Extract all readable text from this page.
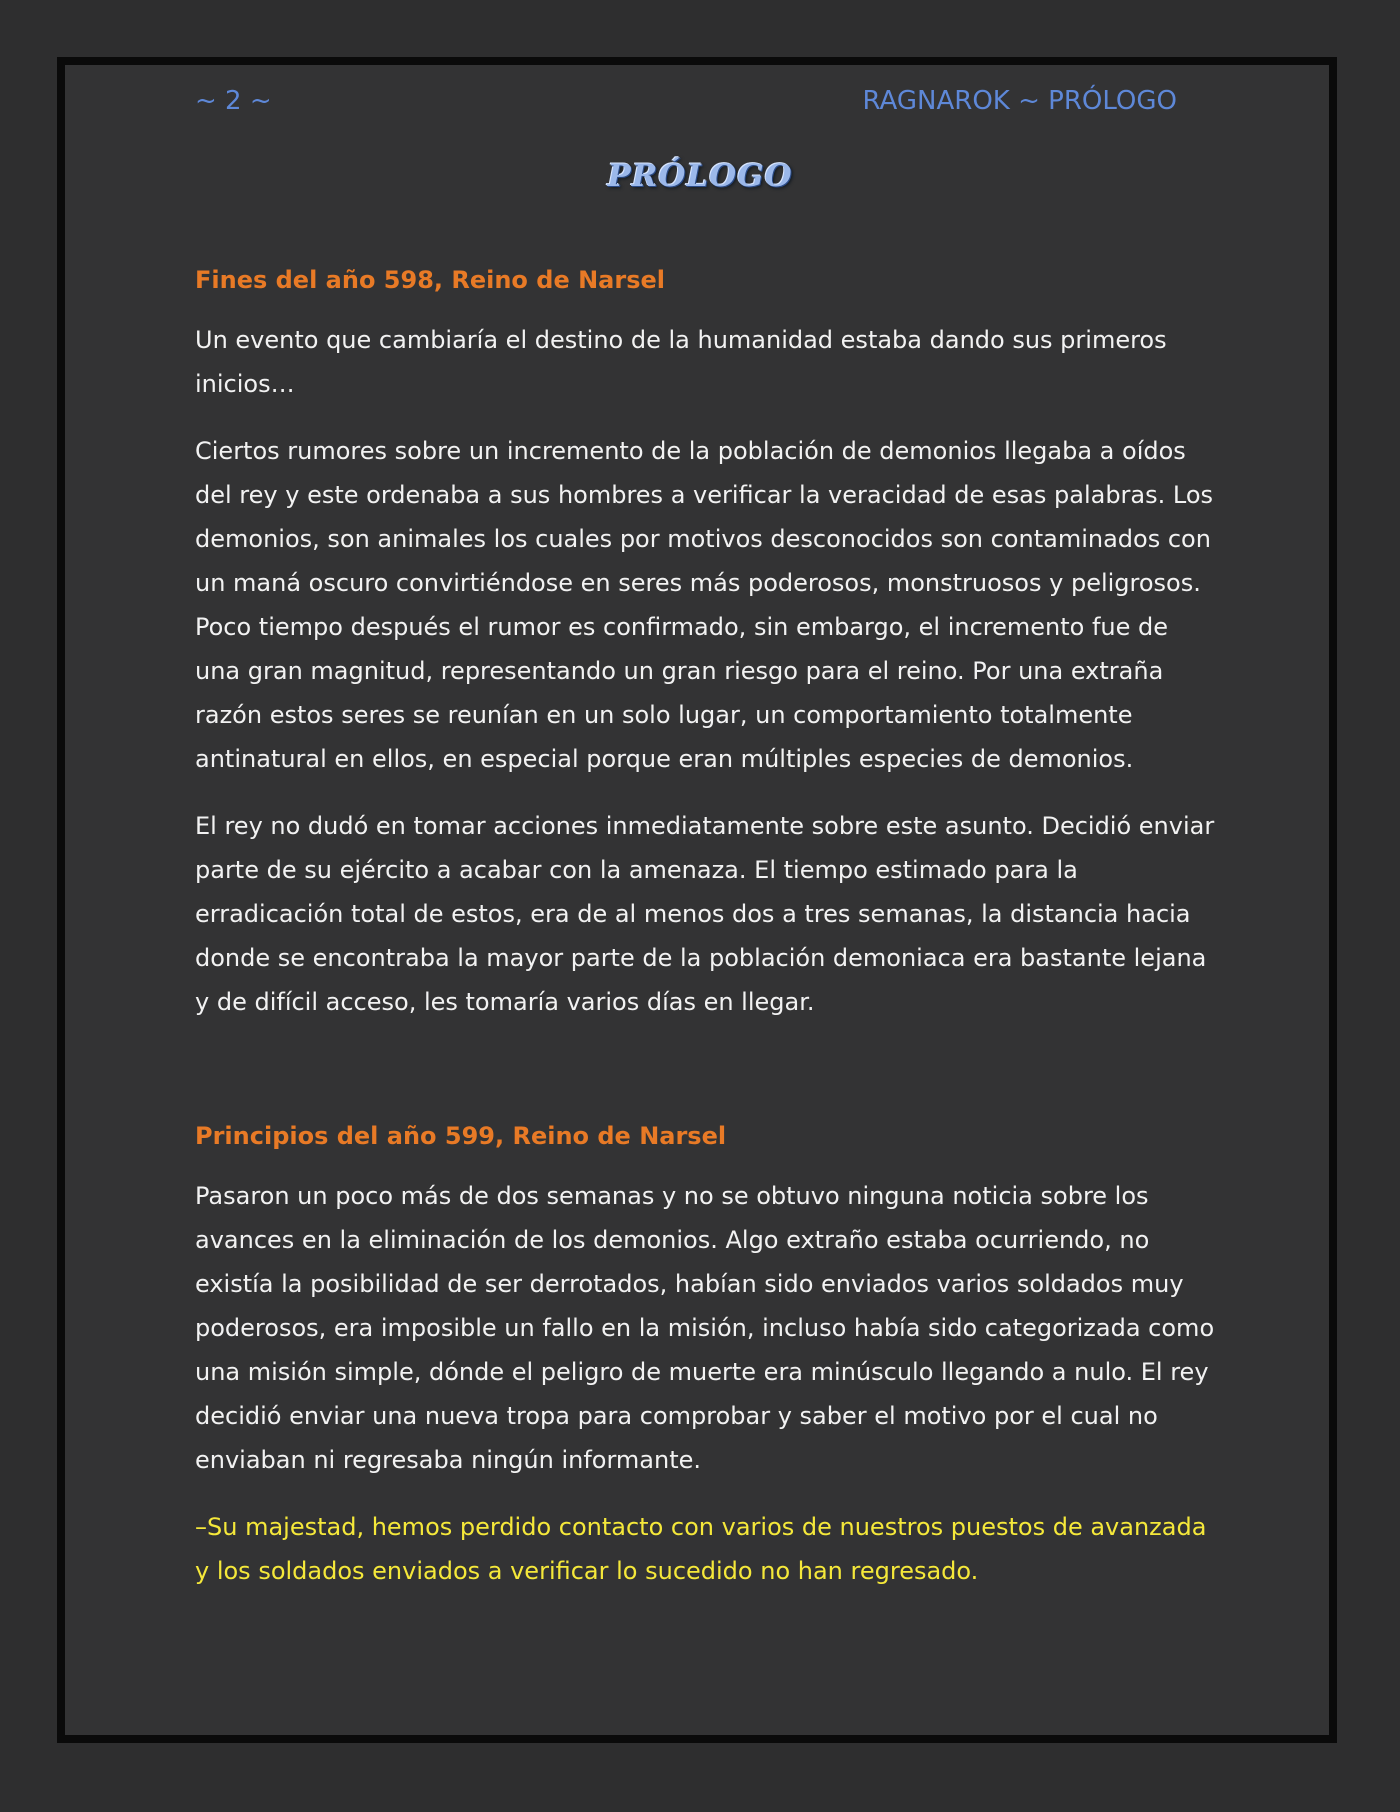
~ 2 ~	RAGNAROK ~ PRÓLOGO
PRÓLOGO
Fines del año 598, Reino de Narsel

Un evento que cambiaría el destino de la humanidad estaba dando sus primeros inicios…

Ciertos rumores sobre un incremento de la población de demonios llegaba a oídos del rey y este ordenaba a sus hombres a verificar la veracidad de esas palabras. Los demonios, son animales los cuales por motivos desconocidos son contaminados con un maná oscuro convirtiéndose en seres más poderosos, monstruosos y peligrosos. Poco tiempo después el rumor es confirmado, sin embargo, el incremento fue de una gran magnitud, representando un gran riesgo para el reino. Por una extraña razón estos seres se reunían en un solo lugar, un comportamiento totalmente antinatural en ellos, en especial porque eran múltiples especies de demonios.

El rey no dudó en tomar acciones inmediatamente sobre este asunto. Decidió enviar parte de su ejército a acabar con la amenaza. El tiempo estimado para la erradicación total de estos, era de al menos dos a tres semanas, la distancia hacia donde se encontraba la mayor parte de la población demoniaca era bastante lejana y de difícil acceso, les tomaría varios días en llegar.

Principios del año 599, Reino de Narsel

Pasaron un poco más de dos semanas y no se obtuvo ninguna noticia sobre los avances en la eliminación de los demonios. Algo extraño estaba ocurriendo, no existía la posibilidad de ser derrotados, habían sido enviados varios soldados muy poderosos, era imposible un fallo en la misión, incluso había sido categorizada como una misión simple, dónde el peligro de muerte era minúsculo llegando a nulo. El rey decidió enviar una nueva tropa para comprobar y saber el motivo por el cual no enviaban ni regresaba ningún informante.

–Su majestad, hemos perdido contacto con varios de nuestros puestos de avanzada y los soldados enviados a verificar lo sucedido no han regresado.
